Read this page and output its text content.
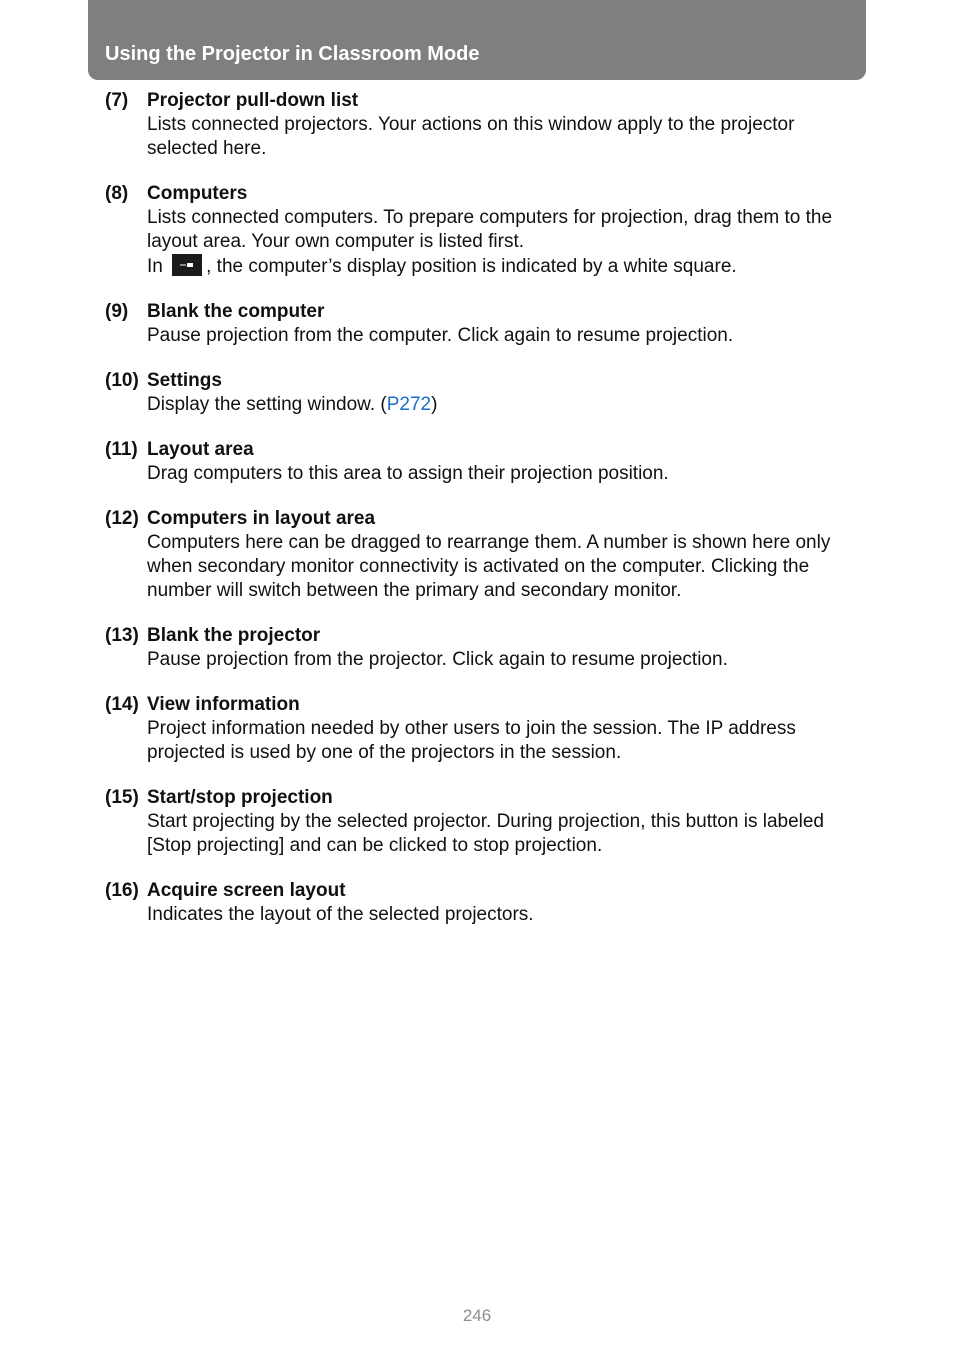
Using the Projector in Classroom Mode
(7) Projector pull-down list

Lists connected projectors. Your actions on this window apply to the projector selected here.

(8) Computers

Lists connected computers. To prepare computers for projection, drag them to the layout area. Your own computer is listed first.

In
, the computer’s display position is indicated by a white square.

(9) Blank the computer

Pause projection from the computer. Click again to resume projection.

(10) Settings

Display the setting window. (P272)

(11) Layout area

Drag computers to this area to assign their projection position.

(12) Computers in layout area

Computers here can be dragged to rearrange them. A number is shown here only when secondary monitor connectivity is activated on the computer. Clicking the number will switch between the primary and secondary monitor.

(13) Blank the projector

Pause projection from the projector. Click again to resume projection.

(14) View information

Project information needed by other users to join the session. The IP address projected is used by one of the projectors in the session.

(15) Start/stop projection

Start projecting by the selected projector. During projection, this button is labeled [Stop projecting] and can be clicked to stop projection.

(16) Acquire screen layout

Indicates the layout of the selected projectors.

246
